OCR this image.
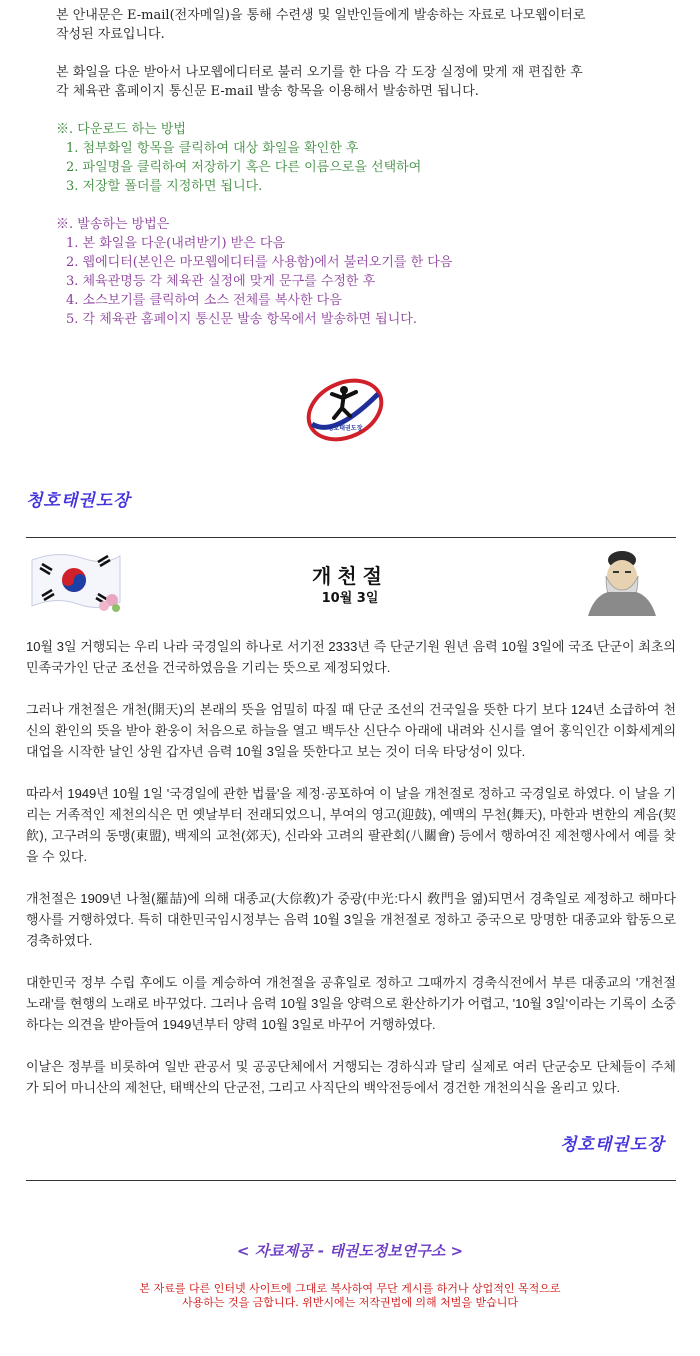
본 안내문은 E-mail(전자메일)을 통해 수련생 및 일반인들에게 발송하는 자료로 나모웹이터로
작성된 자료입니다.

본 화일을 다운 받아서 나모웹에디터로 불러 오기를 한 다음 각 도장 실정에 맞게 재 편집한 후
각 체육관 홈페이지 통신문 E-mail 발송 항목을 이용해서 발송하면 됩니다.

※. 다운로드 하는 방법

1. 첨부화일 항목을 클릭하여 대상 화일을 확인한 후

2. 파일명을 클릭하여 저장하기 혹은 다른 이름으로을 선택하여

3. 저장할 폴더를 지정하면 됩니다.

※. 발송하는 방법은

1. 본 화일을 다운(내려받기) 받은 다음

2. 웹에디터(본인은 마모웹에디터를 사용함)에서 불러오기를 한 다음

3. 체육관명등 각 체육관 실정에 맞게 문구를 수정한 후

4. 소스보기를 클릭하여 소스 전체를 복사한 다음

5. 각 체육관 홈페이지 통신문 발송 항목에서 발송하면 됩니다.

청호태권도장
청호태권도장
개천절
10월 3일

10월 3일 거행되는 우리 나라 국경일의 하나로 서기전 2333년 즉 단군기원 원년 음력 10월 3일에 국조 단군이 최초의 민족국가인 단군 조선을 건국하였음을 기리는 뜻으로 제정되었다.

그러나 개천절은 개천(開天)의 본래의 뜻을 엄밀히 따질 때 단군 조선의 건국일을 뜻한 다기 보다 124년 소급하여 천신의 환인의 뜻을 받아 환웅이 처음으로 하늘을 열고 백두산 신단수 아래에 내려와 신시를 열어 홍익인간 이화세계의 대업을 시작한 날인 상원 갑자년 음력 10월 3일을 뜻한다고 보는 것이 더욱 타당성이 있다.

따라서 1949년 10월 1일 '국경일에 관한 법률'을 제정·공포하여 이 날을 개천절로 정하고 국경일로 하였다. 이 날을 기리는 거족적인 제천의식은 먼 옛날부터 전래되었으니, 부여의 영고(迎鼓), 예맥의 무천(舞天), 마한과 변한의 계음(契飮), 고구려의 동맹(東盟), 백제의 교천(郊天), 신라와 고려의 팔관회(八關會) 등에서 행하여진 제천행사에서 예를 찾을 수 있다.

개천절은 1909년 나철(羅喆)에 의해 대종교(大倧敎)가 중광(中光:다시 敎門을 엶)되면서 경축일로 제정하고 해마다 행사를 거행하였다. 특히 대한민국임시정부는 음력 10월 3일을 개천절로 정하고 중국으로 망명한 대종교와 합동으로 경축하였다.

대한민국 정부 수립 후에도 이를 계승하여 개천절을 공휴일로 정하고 그때까지 경축식전에서 부른 대종교의 '개천절 노래'를 현행의 노래로 바꾸었다. 그러나 음력 10월 3일을 양력으로 환산하기가 어렵고, '10월 3일'이라는 기록이 소중하다는 의견을 받아들여 1949년부터 양력 10월 3일로 바꾸어 거행하였다.

이날은 정부를 비롯하여 일반 관공서 및 공공단체에서 거행되는 경하식과 달리 실제로 여러 단군숭모 단체들이 주체가 되어 마니산의 제천단, 태백산의 단군전, 그리고 사직단의 백악전등에서 경건한 개천의식을 올리고 있다.

청호태권도장
< 자료제공 - 태권도정보연구소 >

본 자료를 다른 인터넷 사이트에 그대로 복사하여 무단 게시를 하거나 상업적인 목적으로

사용하는 것을 금합니다. 위반시에는 저작권법에 의해 처벌을 받습니다
